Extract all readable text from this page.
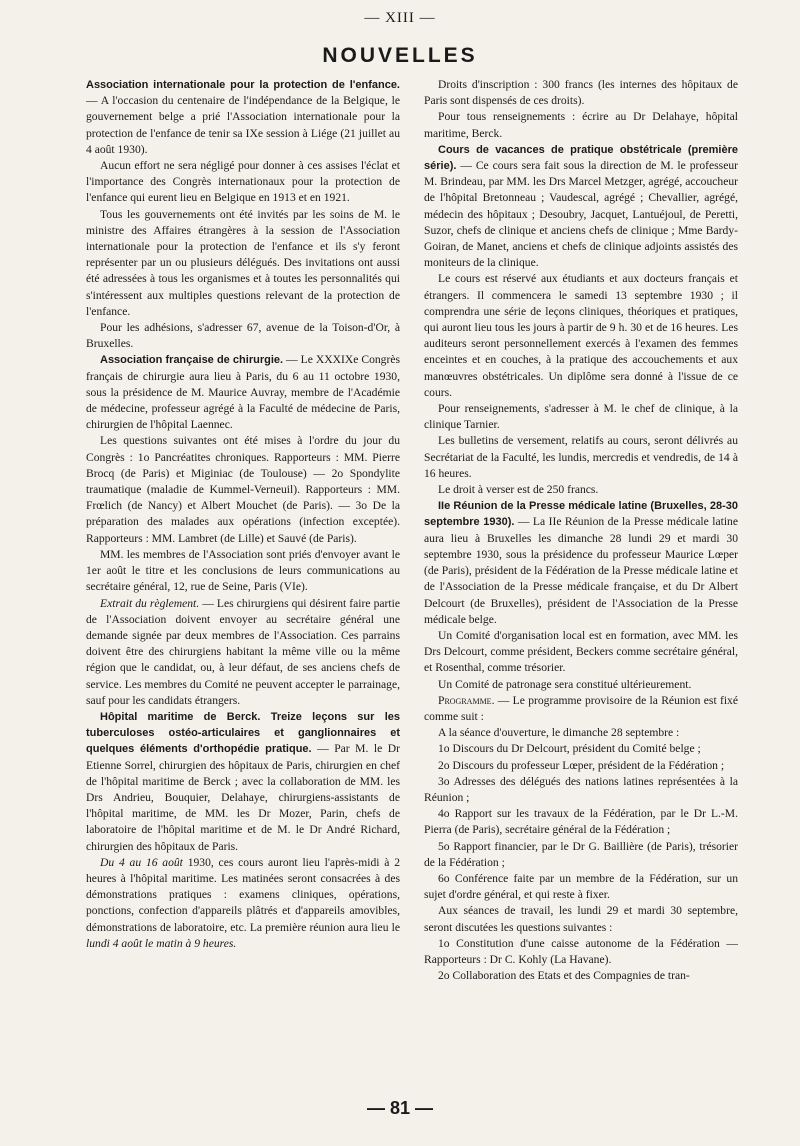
— XIII —
NOUVELLES

Association internationale pour la protection de l'enfance. — A l'occasion du centenaire de l'indépendance de la Belgique, le gouvernement belge a prié l'Association internationale pour la protection de l'enfance de tenir sa IXe session à Liége (21 juillet au 4 août 1930).

Aucun effort ne sera négligé pour donner à ces assises l'éclat et l'importance des Congrès internationaux pour la protection de l'enfance qui eurent lieu en Belgique en 1913 et en 1921.

Tous les gouvernements ont été invités par les soins de M. le ministre des Affaires étrangères à la session de l'Association internationale pour la protection de l'enfance et ils s'y feront représenter par un ou plusieurs délégués. Des invitations ont aussi été adressées à tous les organismes et à toutes les personnalités qui s'intéressent aux multiples questions relevant de la protection de l'enfance.

Pour les adhésions, s'adresser 67, avenue de la Toison-d'Or, à Bruxelles.

Association française de chirurgie. — Le XXXIXe Congrès français de chirurgie aura lieu à Paris, du 6 au 11 octobre 1930, sous la présidence de M. Maurice Auvray, membre de l'Académie de médecine, professeur agrégé à la Faculté de médecine de Paris, chirurgien de l'hôpital Laennec.

Les questions suivantes ont été mises à l'ordre du jour du Congrès : 1o Pancréatites chroniques. Rapporteurs : MM. Pierre Brocq (de Paris) et Miginiac (de Toulouse) — 2o Spondylite traumatique (maladie de Kummel-Verneuil). Rapporteurs : MM. Frœlich (de Nancy) et Albert Mouchet (de Paris). — 3o De la préparation des malades aux opérations (infection exceptée). Rapporteurs : MM. Lambret (de Lille) et Sauvé (de Paris).

MM. les membres de l'Association sont priés d'envoyer avant le 1er août le titre et les conclusions de leurs communications au secrétaire général, 12, rue de Seine, Paris (VIe).

Extrait du règlement. — Les chirurgiens qui désirent faire partie de l'Association doivent envoyer au secrétaire général une demande signée par deux membres de l'Association. Ces parrains doivent être des chirurgiens habitant la même ville ou la même région que le candidat, ou, à leur défaut, de ses anciens chefs de service. Les membres du Comité ne peuvent accepter le parrainage, sauf pour les candidats étrangers.

Hôpital maritime de Berck. Treize leçons sur les tuberculoses ostéo-articulaires et ganglionnaires et quelques éléments d'orthopédie pratique. — Par M. le Dr Etienne Sorrel, chirurgien des hôpitaux de Paris, chirurgien en chef de l'hôpital maritime de Berck ; avec la collaboration de MM. les Drs Andrieu, Bouquier, Delahaye, chirurgiens-assistants de l'hôpital maritime, de MM. les Dr Mozer, Parin, chefs de laboratoire de l'hôpital maritime et de M. le Dr André Richard, chirurgien des hôpitaux de Paris.

Du 4 au 16 août 1930, ces cours auront lieu l'après-midi à 2 heures à l'hôpital maritime. Les matinées seront consacrées à des démonstrations pratiques : examens cliniques, opérations, ponctions, confection d'appareils plâtrés et d'appareils amovibles, démonstrations de laboratoire, etc. La première réunion aura lieu le lundi 4 août le matin à 9 heures.

Droits d'inscription : 300 francs (les internes des hôpitaux de Paris sont dispensés de ces droits).

Pour tous renseignements : écrire au Dr Delahaye, hôpital maritime, Berck.

Cours de vacances de pratique obstétricale (première série). — Ce cours sera fait sous la direction de M. le professeur M. Brindeau, par MM. les Drs Marcel Metzger, agrégé, accoucheur de l'hôpital Bretonneau ; Vaudescal, agrégé ; Chevallier, agrégé, médecin des hôpitaux ; Desoubry, Jacquet, Lantuéjoul, de Peretti, Suzor, chefs de clinique et anciens chefs de clinique ; Mme Bardy-Goiran, de Manet, anciens et chefs de clinique adjoints assistés des moniteurs de la clinique.

Le cours est réservé aux étudiants et aux docteurs français et étrangers. Il commencera le samedi 13 septembre 1930 ; il comprendra une série de leçons cliniques, théoriques et pratiques, qui auront lieu tous les jours à partir de 9 h. 30 et de 16 heures. Les auditeurs seront personnellement exercés à l'examen des femmes enceintes et en couches, à la pratique des accouchements et aux manœuvres obstétricales. Un diplôme sera donné à l'issue de ce cours.

Pour renseignements, s'adresser à M. le chef de clinique, à la clinique Tarnier.

Les bulletins de versement, relatifs au cours, seront délivrés au Secrétariat de la Faculté, les lundis, mercredis et vendredis, de 14 à 16 heures.

Le droit à verser est de 250 francs.

IIe Réunion de la Presse médicale latine (Bruxelles, 28-30 septembre 1930). — La IIe Réunion de la Presse médicale latine aura lieu à Bruxelles les dimanche 28 lundi 29 et mardi 30 septembre 1930, sous la présidence du professeur Maurice Lœper (de Paris), président de la Fédération de la Presse médicale latine et de l'Association de la Presse médicale française, et du Dr Albert Delcourt (de Bruxelles), président de l'Association de la Presse médicale belge.

Un Comité d'organisation local est en formation, avec MM. les Drs Delcourt, comme président, Beckers comme secrétaire général, et Rosenthal, comme trésorier.

Un Comité de patronage sera constitué ultérieurement.

Programme. — Le programme provisoire de la Réunion est fixé comme suit :

A la séance d'ouverture, le dimanche 28 septembre :

1o Discours du Dr Delcourt, président du Comité belge ;

2o Discours du professeur Lœper, président de la Fédération ;

3o Adresses des délégués des nations latines représentées à la Réunion ;

4o Rapport sur les travaux de la Fédération, par le Dr L.-M. Pierra (de Paris), secrétaire général de la Fédération ;

5o Rapport financier, par le Dr G. Baillière (de Paris), trésorier de la Fédération ;

6o Conférence faite par un membre de la Fédération, sur un sujet d'ordre général, et qui reste à fixer.

Aux séances de travail, les lundi 29 et mardi 30 septembre, seront discutées les questions suivantes :

1o Constitution d'une caisse autonome de la Fédération — Rapporteurs : Dr C. Kohly (La Havane).

2o Collaboration des Etats et des Compagnies de tran-

— 81 —
